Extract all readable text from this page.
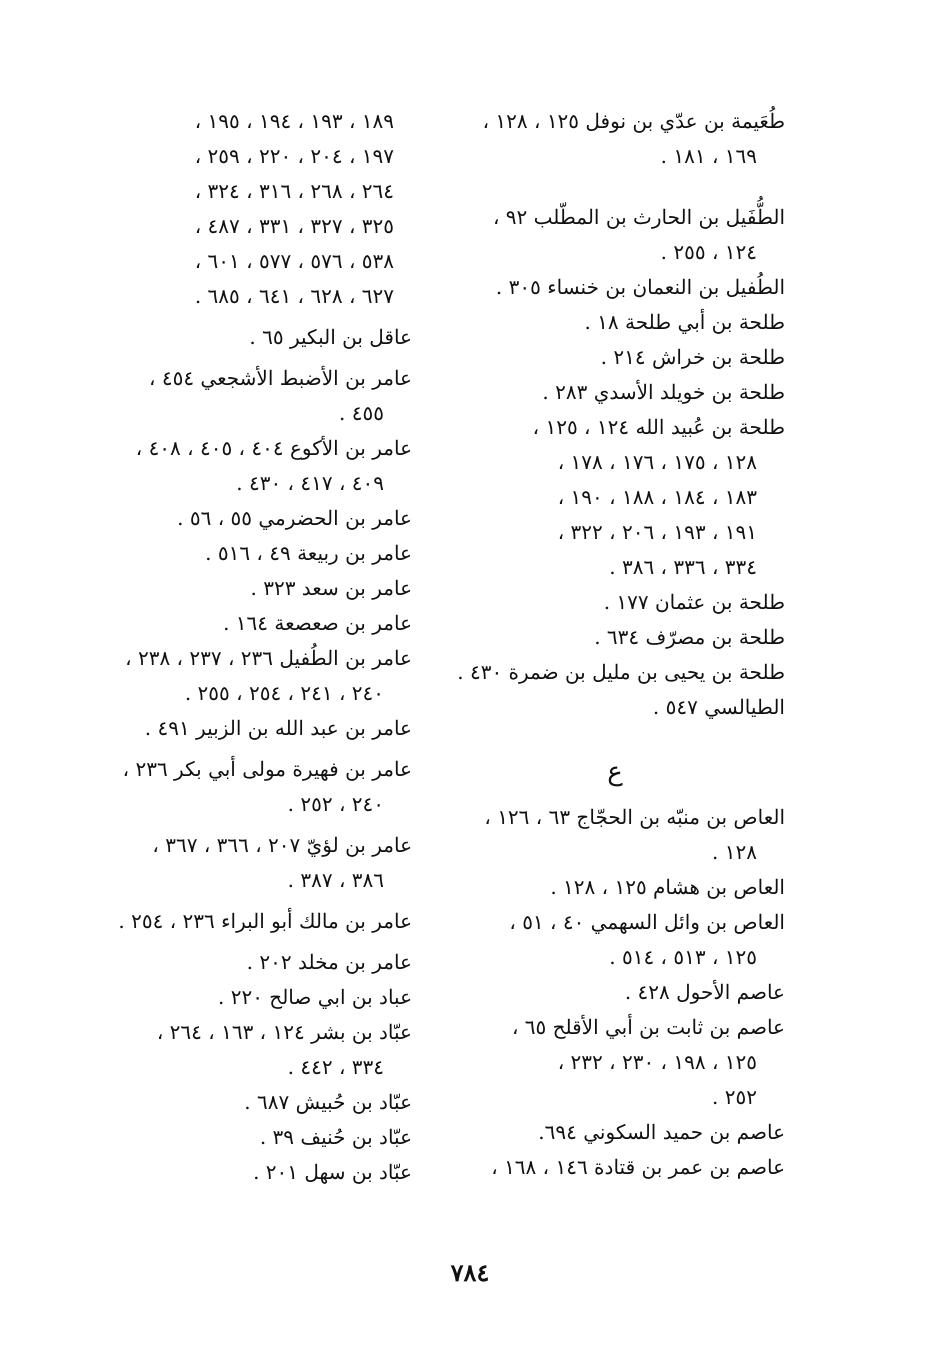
طُعَيمة بن عدّي بن نوفل ١٢٥ ، ١٢٨ ،
١٦٩ ، ١٨١ .
الطُّفَيل بن الحارث بن المطّلب ٩٢ ،
١٢٤ ، ٢٥٥ .
الطُفيل بن النعمان بن خنساء ٣٠٥ .
طلحة بن أبي طلحة ١٨ .
طلحة بن خراش ٢١٤ .
طلحة بن خويلد الأسدي ٢٨٣ .
طلحة بن عُبيد الله ١٢٤ ، ١٢٥ ،
١٢٨ ، ١٧٥ ، ١٧٦ ، ١٧٨ ،
١٨٣ ، ١٨٤ ، ١٨٨ ، ١٩٠ ،
١٩١ ، ١٩٣ ، ٢٠٦ ، ٣٢٢ ،
٣٣٤ ، ٣٣٦ ، ٣٨٦ .
طلحة بن عثمان ١٧٧ .
طلحة بن مصرّف ٦٣٤ .
طلحة بن يحيى بن مليل بن ضمرة ٤٣٠ .
الطيالسي ٥٤٧ .
ع
العاص بن منبّه بن الحجّاج ٦٣ ، ١٢٦ ،
١٢٨ .
العاص بن هشام ١٢٥ ، ١٢٨ .
العاص بن وائل السهمي ٤٠ ، ٥١ ،
١٢٥ ، ٥١٣ ، ٥١٤ .
عاصم الأحول ٤٢٨ .
عاصم بن ثابت بن أبي الأقلح ٦٥ ،
١٢٥ ، ١٩٨ ، ٢٣٠ ، ٢٣٢ ،
٢٥٢ .
عاصم بن حميد السكوني ٦٩٤.
عاصم بن عمر بن قتادة ١٤٦ ، ١٦٨ ،
١٨٩ ، ١٩٣ ، ١٩٤ ، ١٩٥ ،
١٩٧ ، ٢٠٤ ، ٢٢٠ ، ٢٥٩ ،
٢٦٤ ، ٢٦٨ ، ٣١٦ ، ٣٢٤ ،
٣٢٥ ، ٣٢٧ ، ٣٣١ ، ٤٨٧ ،
٥٣٨ ، ٥٧٦ ، ٥٧٧ ، ٦٠١ ،
٦٢٧ ، ٦٢٨ ، ٦٤١ ، ٦٨٥ .
عاقل بن البكير ٦٥ .
عامر بن الأضبط الأشجعي ٤٥٤ ،
٤٥٥ .
عامر بن الأكوع ٤٠٤ ، ٤٠٥ ، ٤٠٨ ،
٤٠٩ ، ٤١٧ ، ٤٣٠ .
عامر بن الحضرمي ٥٥ ، ٥٦ .
عامر بن ربيعة ٤٩ ، ٥١٦ .
عامر بن سعد ٣٢٣ .
عامر بن صعصعة ١٦٤ .
عامر بن الطُفيل ٢٣٦ ، ٢٣٧ ، ٢٣٨ ،
٢٤٠ ، ٢٤١ ، ٢٥٤ ، ٢٥٥ .
عامر بن عبد الله بن الزبير ٤٩١ .
عامر بن فهيرة مولى أبي بكر ٢٣٦ ،
٢٤٠ ، ٢٥٢ .
عامر بن لؤيّ ٢٠٧ ، ٣٦٦ ، ٣٦٧ ،
٣٨٦ ، ٣٨٧ .
عامر بن مالك أبو البراء ٢٣٦ ، ٢٥٤ .
عامر بن مخلد ٢٠٢ .
عباد بن ابي صالح ٢٢٠ .
عبّاد بن بشر ١٢٤ ، ١٦٣ ، ٢٦٤ ،
٣٣٤ ، ٤٤٢ .
عبّاد بن حُبيش ٦٨٧ .
عبّاد بن حُنيف ٣٩ .
عبّاد بن سهل ٢٠١ .
٧٨٤
